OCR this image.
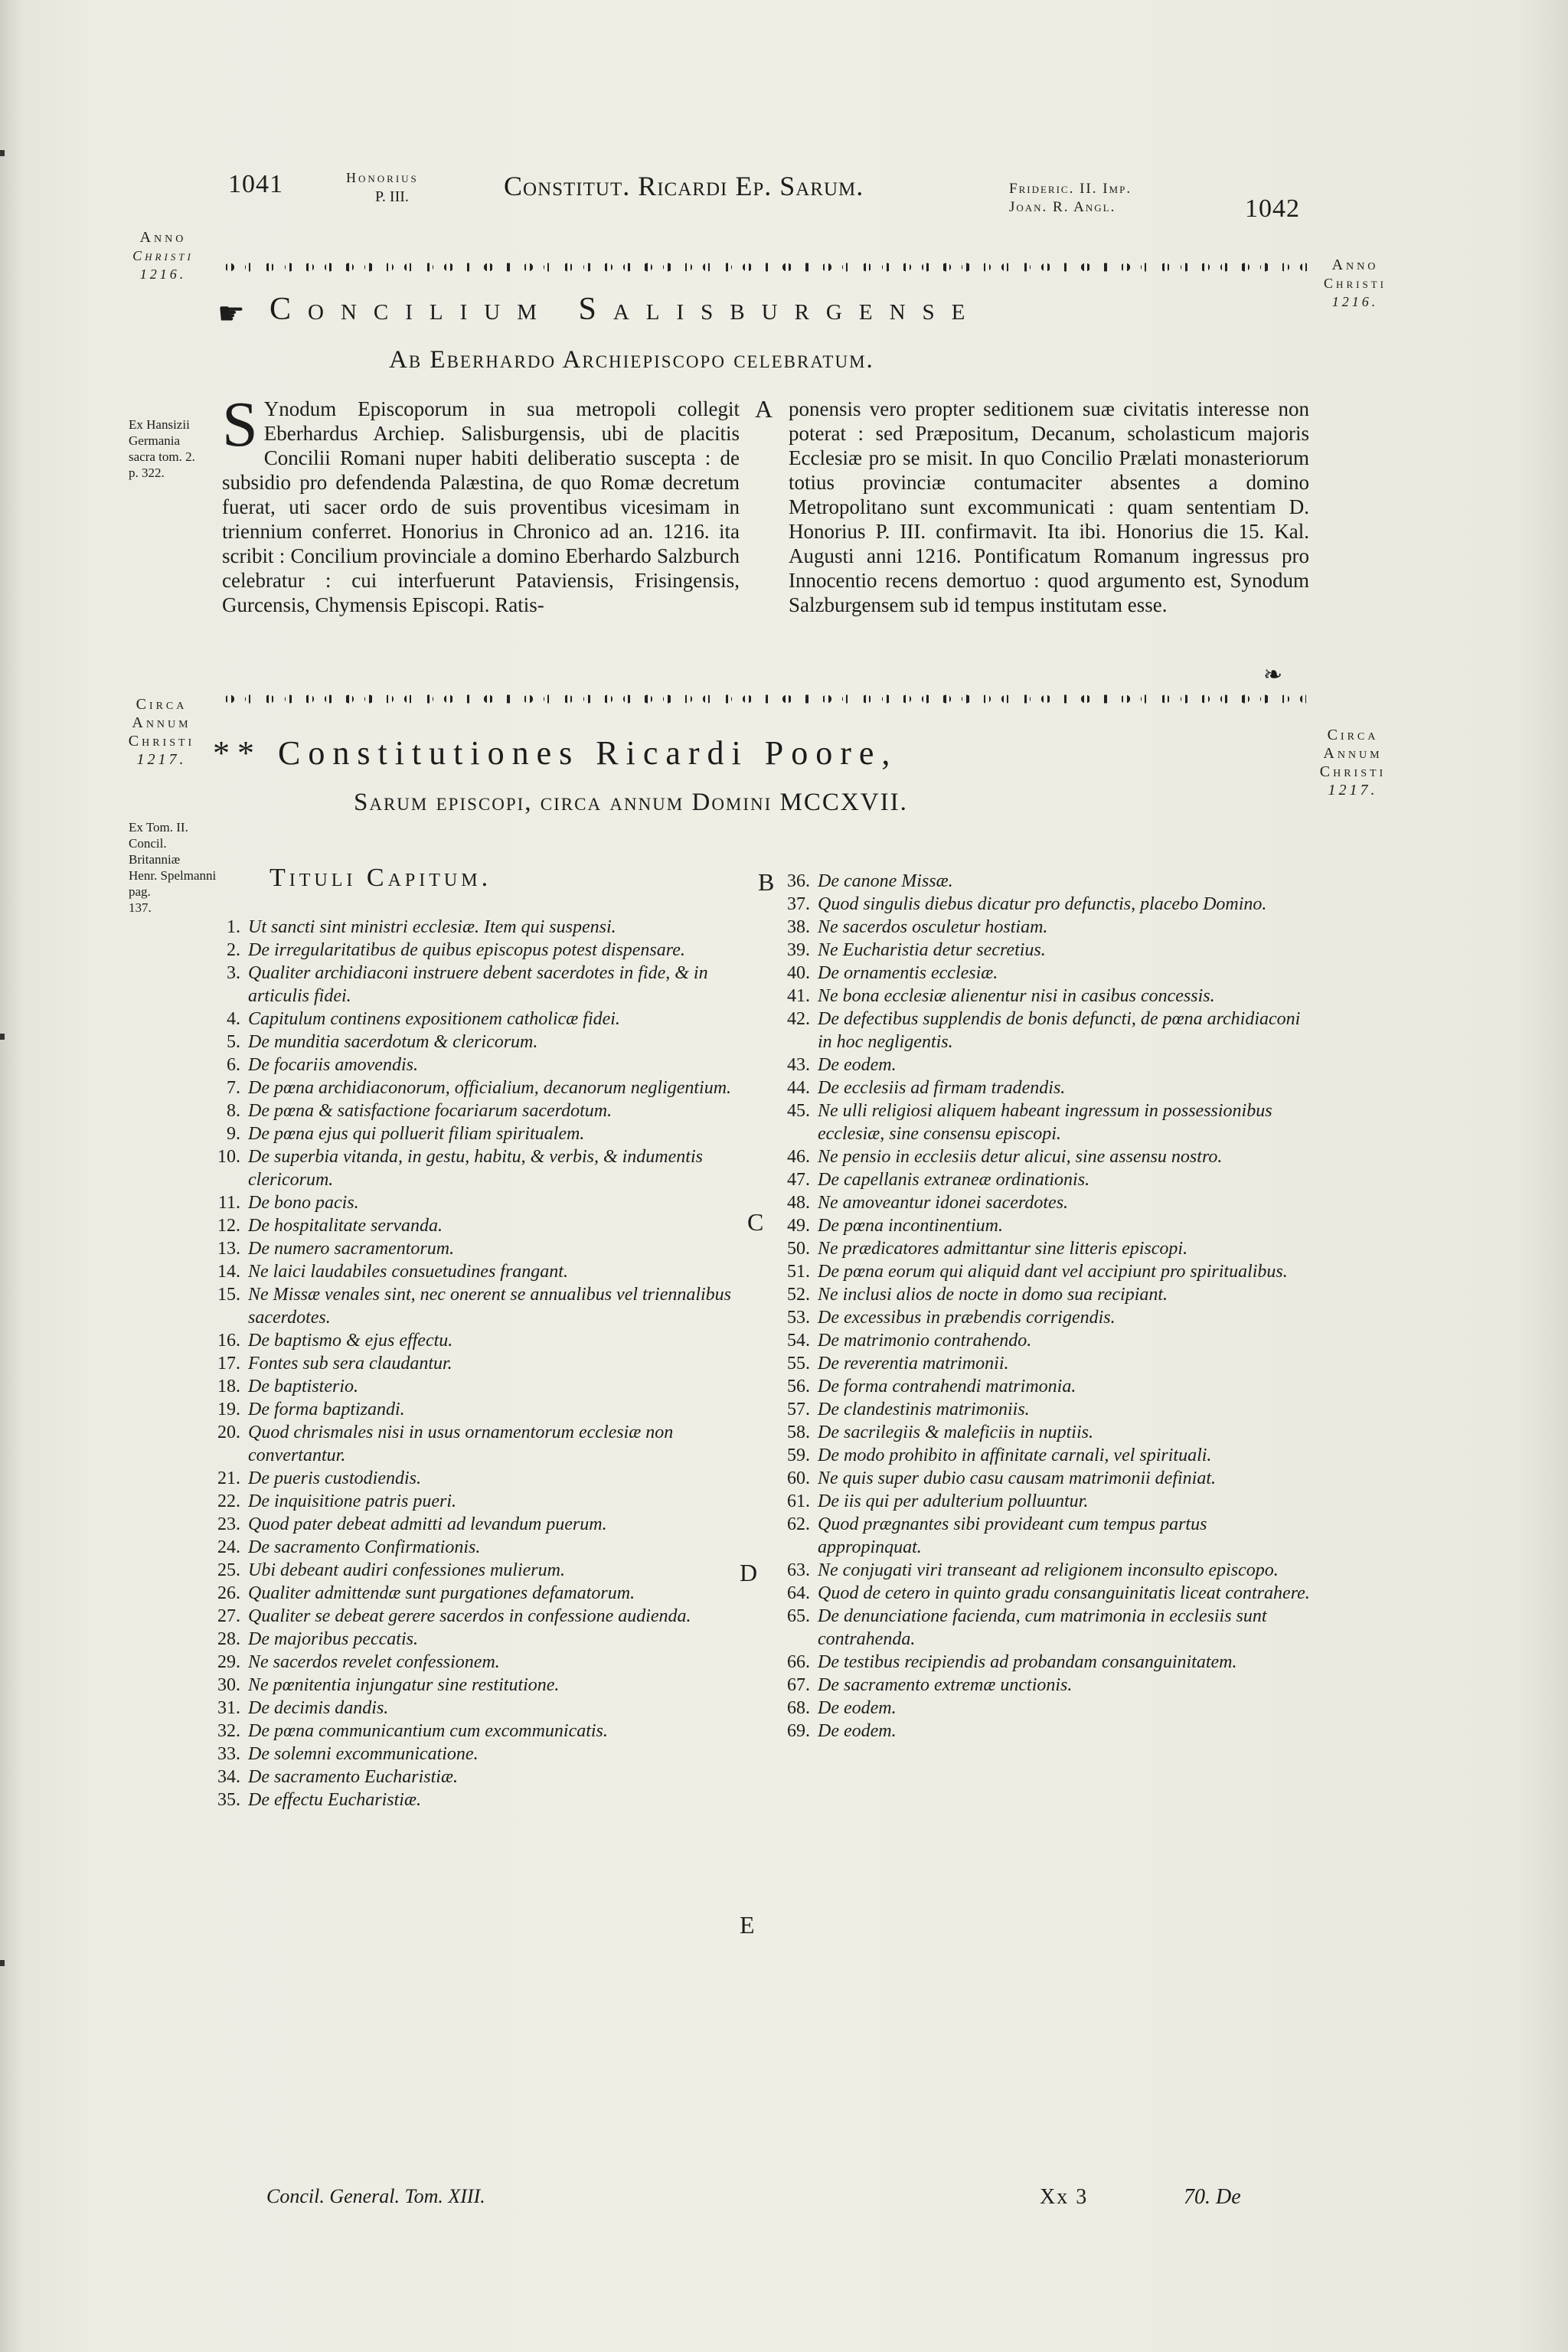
1041	Honorius
P. III.	Constitut. Ricardi Ep. Sarum.	Frideric. II. Imp.
Joan. R. Angl.	1042
Anno
Christi
1216.
Anno
Christi
1216.
☛ Concilium Salisburgense
Ab Eberhardo Archiepiscopo celebratum.
Ex Hansizii
Germania
sacra tom. 2.
p. 322.
S Ynodum Episcoporum in sua metropoli collegit Eberhardus Archiep. Salisburgensis, ubi de placitis Concilii Romani nuper habiti deliberatio suscepta : de subsidio pro defendenda Palæstina, de quo Romæ decretum fuerat, uti sacer ordo de suis proventibus vicesimam in triennium conferret. Honorius in Chronico ad an. 1216. ita scribit : Concilium provinciale a domino Eberhardo Salzburch celebratur : cui interfuerunt Pataviensis, Frisingensis, Gurcensis, Chymensis Episcopi. Ratis-
A ponensis vero propter seditionem suæ civitatis interesse non poterat : sed Præpositum, Decanum, scholasticum majoris Ecclesiæ pro se misit. In quo Concilio Prælati monasteriorum totius provinciæ contumaciter absentes a domino Metropolitano sunt excommunicati : quam sententiam D. Honorius P. III. confirmavit. Ita ibi. Honorius die 15. Kal. Augusti anni 1216. Pontificatum Romanum ingressus pro Innocentio recens demortuo : quod argumento est, Synodum Salzburgensem sub id tempus institutam esse.
❧
Circa
Annum
Christi
1217.
Circa
Annum
Christi
1217.
** Constitutiones Ricardi Poore,
Sarum episcopi, circa annum Domini MCCXVII.
Ex Tom. II.
Concil.
Britanniæ
Henr. Spelmanni pag.
137.
Tituli Capitum.	B
C
D
E
1. Ut sancti sint ministri ecclesiæ. Item qui suspensi.
2. De irregularitatibus de quibus episcopus potest dispensare.
3. Qualiter archidiaconi instruere debent sacerdotes in fide, & in articulis fidei.
4. Capitulum continens expositionem catholicæ fidei.
5. De munditia sacerdotum & clericorum.
6. De focariis amovendis.
7. De pœna archidiaconorum, officialium, decanorum negligentium.
8. De pœna & satisfactione focariarum sacerdotum.
9. De pœna ejus qui polluerit filiam spiritualem.
10. De superbia vitanda, in gestu, habitu, & verbis, & indumentis clericorum.
11. De bono pacis.
12. De hospitalitate servanda.
13. De numero sacramentorum.
14. Ne laici laudabiles consuetudines frangant.
15. Ne Missæ venales sint, nec onerent se annualibus vel triennalibus sacerdotes.
16. De baptismo & ejus effectu.
17. Fontes sub sera claudantur.
18. De baptisterio.
19. De forma baptizandi.
20. Quod chrismales nisi in usus ornamentorum ecclesiæ non convertantur.
21. De pueris custodiendis.
22. De inquisitione patris pueri.
23. Quod pater debeat admitti ad levandum puerum.
24. De sacramento Confirmationis.
25. Ubi debeant audiri confessiones mulierum.
26. Qualiter admittendæ sunt purgationes defamatorum.
27. Qualiter se debeat gerere sacerdos in confessione audienda.
28. De majoribus peccatis.
29. Ne sacerdos revelet confessionem.
30. Ne pœnitentia injungatur sine restitutione.
31. De decimis dandis.
32. De pœna communicantium cum excommunicatis.
33. De solemni excommunicatione.
34. De sacramento Eucharistiæ.
35. De effectu Eucharistiæ.
36. De canone Missæ.
37. Quod singulis diebus dicatur pro defunctis, placebo Domino.
38. Ne sacerdos osculetur hostiam.
39. Ne Eucharistia detur secretius.
40. De ornamentis ecclesiæ.
41. Ne bona ecclesiæ alienentur nisi in casibus concessis.
42. De defectibus supplendis de bonis defuncti, de pœna archidiaconi in hoc negligentis.
43. De eodem.
44. De ecclesiis ad firmam tradendis.
45. Ne ulli religiosi aliquem habeant ingressum in possessionibus ecclesiæ, sine consensu episcopi.
46. Ne pensio in ecclesiis detur alicui, sine assensu nostro.
47. De capellanis extraneæ ordinationis.
48. Ne amoveantur idonei sacerdotes.
49. De pœna incontinentium.
50. Ne prædicatores admittantur sine litteris episcopi.
51. De pœna eorum qui aliquid dant vel accipiunt pro spiritualibus.
52. Ne inclusi alios de nocte in domo sua recipiant.
53. De excessibus in præbendis corrigendis.
54. De matrimonio contrahendo.
55. De reverentia matrimonii.
56. De forma contrahendi matrimonia.
57. De clandestinis matrimoniis.
58. De sacrilegiis & maleficiis in nuptiis.
59. De modo prohibito in affinitate carnali, vel spirituali.
60. Ne quis super dubio casu causam matrimonii definiat.
61. De iis qui per adulterium polluuntur.
62. Quod prægnantes sibi provideant cum tempus partus appropinquat.
63. Ne conjugati viri transeant ad religionem inconsulto episcopo.
64. Quod de cetero in quinto gradu consanguinitatis liceat contrahere.
65. De denunciatione facienda, cum matrimonia in ecclesiis sunt contrahenda.
66. De testibus recipiendis ad probandam consanguinitatem.
67. De sacramento extremæ unctionis.
68. De eodem.
69. De eodem.
Concil. General. Tom. XIII.	Xx 3	70. De
